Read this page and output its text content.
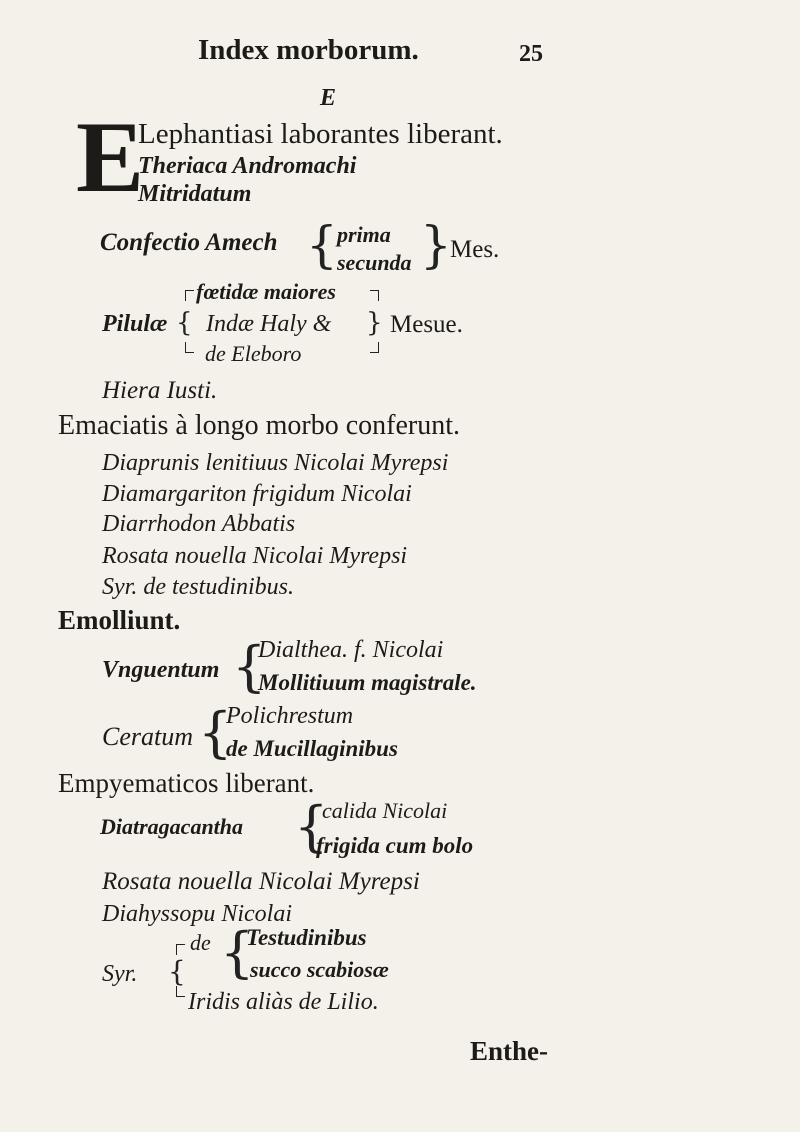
Index morborum.	25
E
E
Lephantiasi laborantes liberant.
Theriaca Andromachi
Mitridatum
Confectio Amech { prima
secunda }
Mes.
fœtidæ maiores
Pilulæ { Indæ Haly & } Mesue.
de Eleboro
Hiera Iusti.
Emaciatis à longo morbo conferunt.
Diaprunis lenitiuus Nicolai Myrepsi
Diamargariton frigidum Nicolai
Diarrhodon Abbatis
Rosata nouella Nicolai Myrepsi
Syr. de testudinibus.
Emolliunt.
Vnguentum {
Dialthea. f. Nicolai
Mollitiuum magistrale.
Ceratum {
Polichrestum
de Mucillaginibus
Empyematicos liberant.
Diatragacantha {
calida Nicolai
frigida cum bolo
Rosata nouella Nicolai Myrepsi
Diahyssopu Nicolai
de {
Testudinibus
Syr. {	succo scabiosæ
Iridis aliàs de Lilio.
Enthe-
